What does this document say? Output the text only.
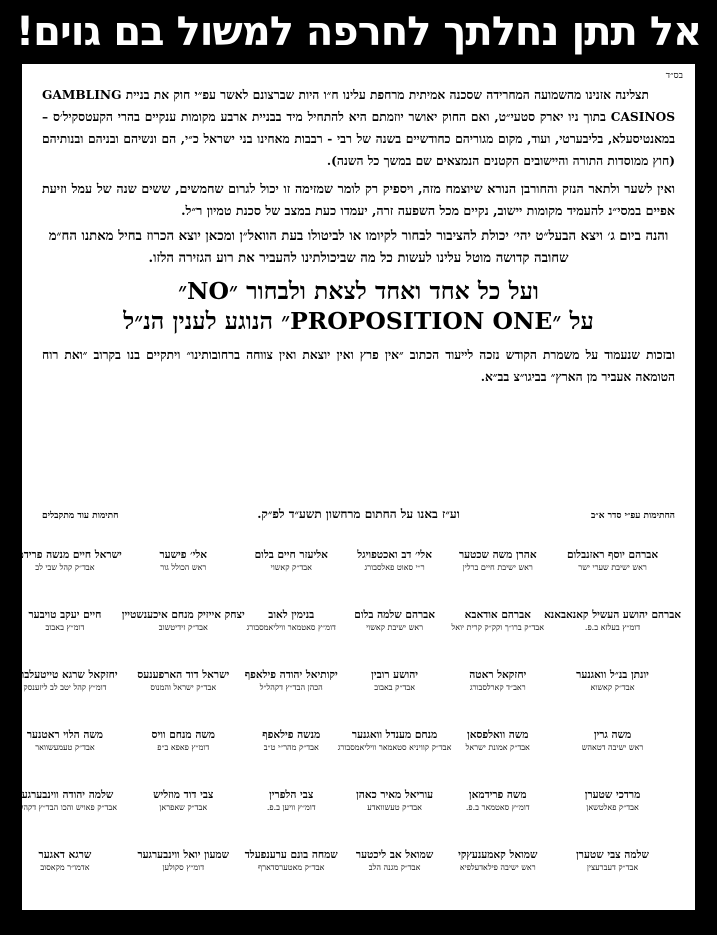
אל תתן נחלתך לחרפה למשול בם גוים!
בס״ד

תצלינה אזנינו מהשמועה המחרידה שסכנה אמיתית מרחפת עלינו ח״ו היות שברצונם לאשר עפ״י חוק את בניית GAMBLING CASINOS בתוך ניו יארק סטעי״ט, ואם החוק יאושר יוזמתם היא להתחיל מיד בבניית ארבע מקומות ענקיים בהרי הקעטסקיל׳ס – במאנטיסעלא, בליבערטי, ועוד, מקום מגוריהם כחודשיים בשנה של רבי - רבבות מאחינו בני ישראל כ״י, הם ונשיהם ובניהם ובנותיהם (חוץ ממוסדות התורה והיישובים הקטנים הנמצאים שם במשך כל השנה).

ואין לשער ולתאר הנזק והחורבן הנורא שיוצמח מזה, ויספיק רק לומר שמזימה זו יכול לגרום שחמשים, ששים שנה של עמל וזיעת אפיים במסי״נ להעמיד מקומות יישוב, נקיים מכל השפעה זרה, יעמדו כעת במצב של סכנת טמיון ר״ל.

והנה ביום ג׳ ויצא הבעל״ט יהי׳ יכולת להציבור לבחור לקיומו או לביטולו בעת הוואל״ן ומכאן יוצא הכרוז בחיל מאתנו הח״מ שחובה קדושה מוטל עלינו לעשות כל מה שביכולתינו להעביר את רוע הגזירה הלזו.

ועל כל אחד ואחד לצאת ולבחור ״NO״
על ״PROPOSITION ONE״ הנוגע לענין הנ״ל

ובזכות שנעמוד על משמרת הקודש נזכה לייעוד הכתוב ״אין פרץ ואין יוצאת ואין צווחה ברחובותינו״ ויתקיים בנו בקרוב ״ואת רוח הטומאה אעביר מן הארץ״ בביגו״צ בב״א.

החתימות עפ״י סדר א״ב
וע״ז באנו על החתום מרחשון תשע״ד לפ״ק.
חתימות עוד מתקבלים
אברהם יוסף ראזנבלום
ראש ישיבת שערי ישר
אהרן משה שכטער
ראש ישיבת חיים ברלין
אלי׳ דב ואכטפויגל
ר״י סאוט פאלסבורג
אליעזר חיים בלום
אבד״ק קאשוי
אלי׳ פישער
ראש הכולל גור
ישראל חיים מנשה פרידמאן
אבד״ק קהל שבי לב
אברהם יהושע העשיל קאנאבאנא
דומ״ץ בעלזא ב.פ.
אברהם אודאבא
אבד״ק ברו״ך וקק״ק קרית יואל
אברהם שלמה בלום
ראש ישיבת קאשוי
בנימין לאוב
דומ״ץ סאטמאר וויליאמסבורג
יצחק אייזיק מנחם איכענשטיין
אבד״ק זידיטשוב
חיים יעקב טויבער
דומ״ץ באבוב
יונתן בנ״ל וואגנער
אבד״ק קאשוא
יחזקאל ראטה
ראב״ד קארלסבורג
יהושע רובין
אבד״ק באבוב
יקותיאל יהודה פילאפף
הכהן הבד״ץ דקהל״ל
ישראל דוד הארפענעס
אבד״ק ישראל והמנוס
יחזקאל שרגא טייטעלבוים
דומ״ץ קהל יטב לב ליזענסק
משה גרין
ראש ישיבה דטאהש
משה וואלפסאן
אבד״ק אמונת ישראל
מנחם מענדל וואגנער
אבד״ק קוויניא סטאמאר וויליאמסבורג
מנשה פילאפף
אבד״ק מהר״י ט״ב
משה מנחם וויס
דומ״ץ פאפא ב״פ
משה הלוי ראטנער
אבד״ק טעמעשוואר
מרדכי שטערן
אבד״ק פאלטשאן
משה פרידמאן
דומ״ץ סאטמאר ב.פ.
עוריאל מאיר כאהן
אבד״ק טעשוואדע
צבי הלפרין
דומ״ץ וויען ב.פ.
צבי דוד מוזליש
אבד״ק שאפראן
שלמה יהודה ווינבערגער
אבד״ק פאויש והכו הבד״ץ דקהל״ל
שלמה צבי שטערן
אבד״ק דעברעצין
שמואל קאמענעץקי
ראש ישיבה פילאדעלפיא
שמואל אב ליכטער
אבד״ק מגנה הלב
שמחה בונם ערענפעלד
אבד״ק מאטערסדארף
שמעון יואל ווינבערגער
דומ״ץ סקולען
שרגא דאגער
אדמו״ר מקאסוב
